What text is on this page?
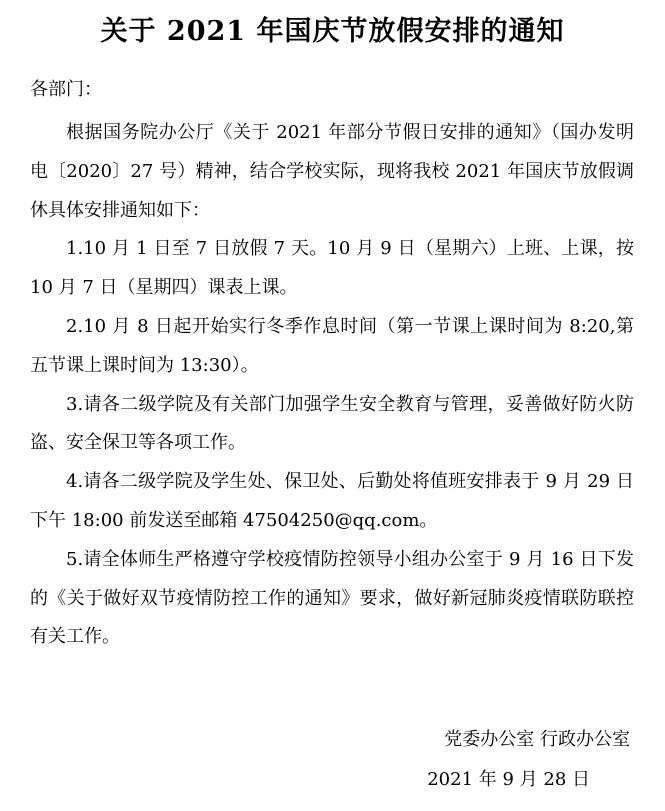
关于 2021 年国庆节放假安排的通知
各部门：

根据国务院办公厅《关于 2021 年部分节假日安排的通知》（国办发明电〔2020〕27 号）精神，结合学校实际，现将我校 2021 年国庆节放假调休具体安排通知如下：

1.10 月 1 日至 7 日放假 7 天。10 月 9 日（星期六）上班、上课，按 10 月 7 日（星期四）课表上课。

2.10 月 8 日起开始实行冬季作息时间（第一节课上课时间为 8:20,第五节课上课时间为 13:30）。

3.请各二级学院及有关部门加强学生安全教育与管理，妥善做好防火防盗、安全保卫等各项工作。

4.请各二级学院及学生处、保卫处、后勤处将值班安排表于 9 月 29 日下午 18:00 前发送至邮箱 47504250@qq.com。

5.请全体师生严格遵守学校疫情防控领导小组办公室于 9 月 16 日下发的《关于做好双节疫情防控工作的通知》要求，做好新冠肺炎疫情联防联控有关工作。

党委办公室 行政办公室
2021 年 9 月 28 日
